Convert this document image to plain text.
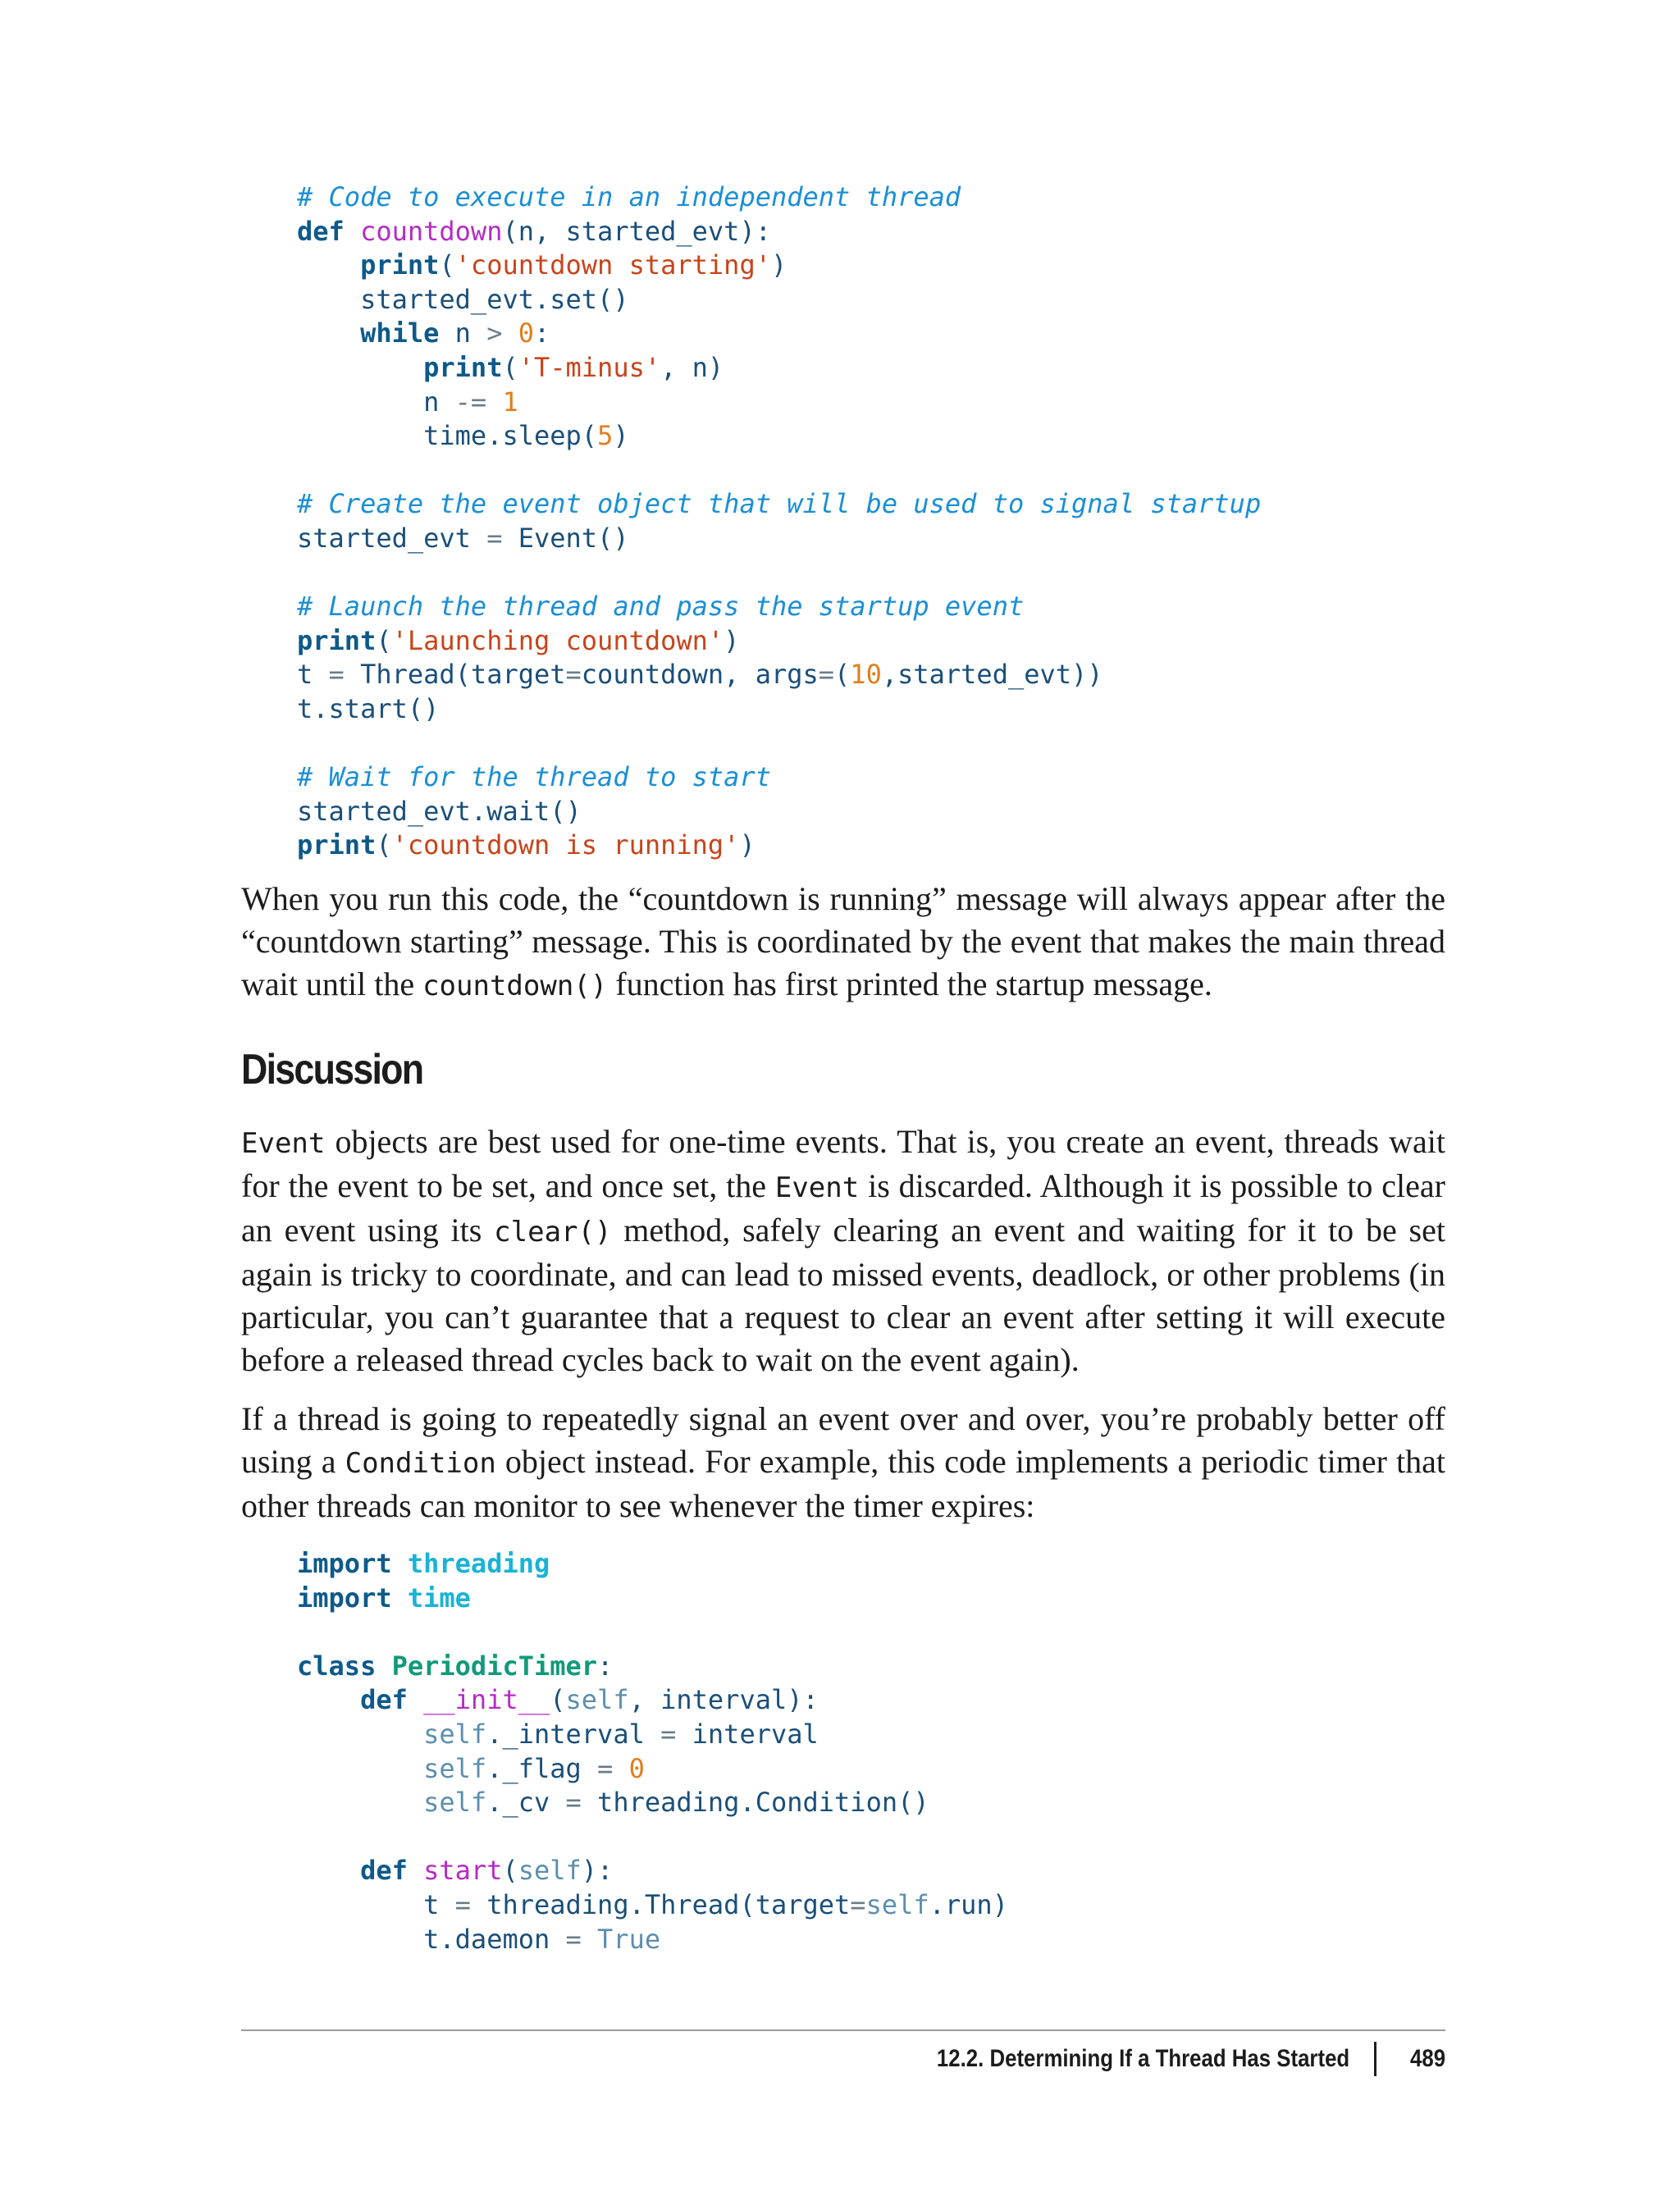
# Code to execute in an independent thread
def countdown(n, started_evt):
print('countdown starting')
started_evt.set()
while n > 0:
print('T-minus', n)
n -= 1
time.sleep(5)

# Create the event object that will be used to signal startup
started_evt = Event()

# Launch the thread and pass the startup event
print('Launching countdown')
t = Thread(target=countdown, args=(10,started_evt))
t.start()

# Wait for the thread to start
started_evt.wait()
print('countdown is running')

When you run this code, the “countdown is running” message will always appear after the “countdown starting” message. This is coordinated by the event that makes the main thread wait until the countdown() function has first printed the startup message.

Discussion

Event objects are best used for one-time events. That is, you create an event, threads wait for the event to be set, and once set, the Event is discarded. Although it is possible to clear an event using its clear() method, safely clearing an event and waiting for it to be set again is tricky to coordinate, and can lead to missed events, deadlock, or other problems (in particular, you can’t guarantee that a request to clear an event after setting it will execute before a released thread cycles back to wait on the event again).

If a thread is going to repeatedly signal an event over and over, you’re probably better off using a Condition object instead. For example, this code implements a periodic timer that other threads can monitor to see whenever the timer expires:

import threading
import time

class PeriodicTimer:
def __init__(self, interval):
self._interval = interval
self._flag = 0
self._cv = threading.Condition()

def start(self):
t = threading.Thread(target=self.run)
t.daemon = True
12.2. Determining If a Thread Has Started 489
